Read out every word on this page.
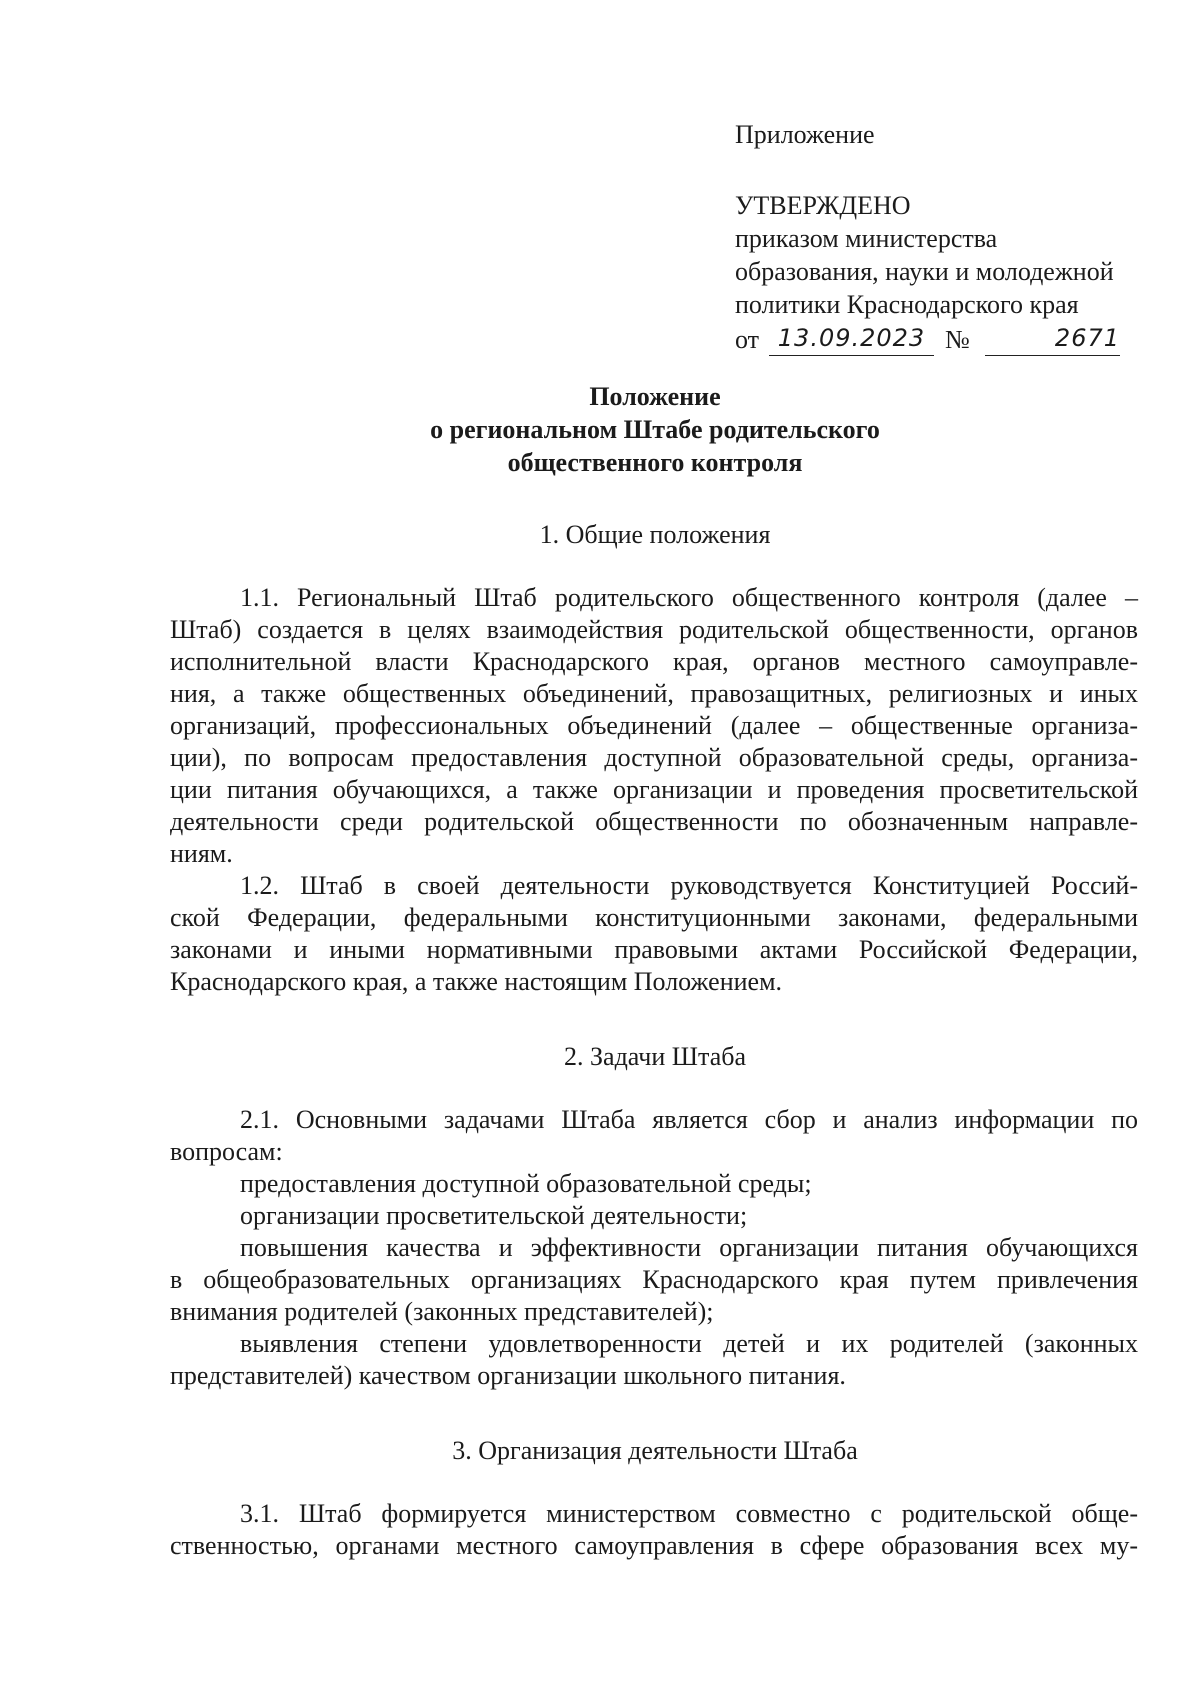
Приложение

УТВЕРЖДЕНО

приказом министерства

образования, науки и молодежной

политики Краснодарского края

от 13.09.2023 №	2671
Положение
о региональном Штабе родительского
общественного контроля
1. Общие положения
1.1. Региональный Штаб родительского общественного контроля (далее –
Штаб) создается в целях взаимодействия родительской общественности, органов
исполнительной власти Краснодарского края, органов местного самоуправле-
ния, а также общественных объединений, правозащитных, религиозных и иных
организаций, профессиональных объединений (далее – общественные организа-
ции), по вопросам предоставления доступной образовательной среды, организа-
ции питания обучающихся, а также организации и проведения просветительской
деятельности среди родительской общественности по обозначенным направле-
ниям.
1.2. Штаб в своей деятельности руководствуется Конституцией Россий-
ской Федерации, федеральными конституционными законами, федеральными
законами и иными нормативными правовыми актами Российской Федерации,
Краснодарского края, а также настоящим Положением.
2. Задачи Штаба
2.1. Основными задачами Штаба является сбор и анализ информации по
вопросам:
предоставления доступной образовательной среды;
организации просветительской деятельности;
повышения качества и эффективности организации питания обучающихся
в общеобразовательных организациях Краснодарского края путем привлечения
внимания родителей (законных представителей);
выявления степени удовлетворенности детей и их родителей (законных
представителей) качеством организации школьного питания.
3. Организация деятельности Штаба
3.1. Штаб формируется министерством совместно с родительской обще-
ственностью, органами местного самоуправления в сфере образования всех му-
